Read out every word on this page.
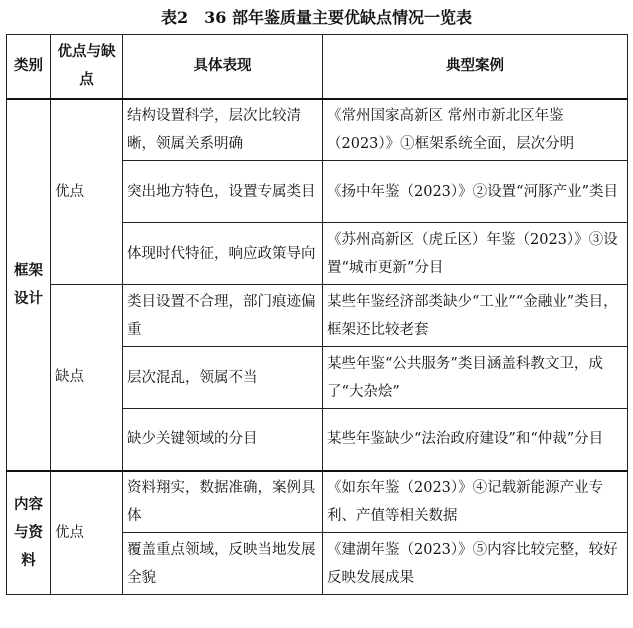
表2　36 部年鉴质量主要优缺点情况一览表
类别	优点与缺点	具体表现	典型案例
框架设计	优点	结构设置科学，层次比较清晰，领属关系明确	《常州国家高新区 常州市新北区年鉴（2023）》①框架系统全面，层次分明
		突出地方特色，设置专属类目	《扬中年鉴（2023）》②设置“河豚产业”类目
		体现时代特征，响应政策导向	《苏州高新区（虎丘区）年鉴（2023）》③设置“城市更新”分目
	缺点	类目设置不合理，部门痕迹偏重	某些年鉴经济部类缺少“工业”“金融业”类目，框架还比较老套
		层次混乱，领属不当	某些年鉴“公共服务”类目涵盖科教文卫，成了“大杂烩”
		缺少关键领域的分目	某些年鉴缺少“法治政府建设”和“仲裁”分目
内容与资料	优点	资料翔实，数据准确，案例具体	《如东年鉴（2023）》④记载新能源产业专利、产值等相关数据
		覆盖重点领域，反映当地发展全貌	《建湖年鉴（2023）》⑤内容比较完整，较好反映发展成果
